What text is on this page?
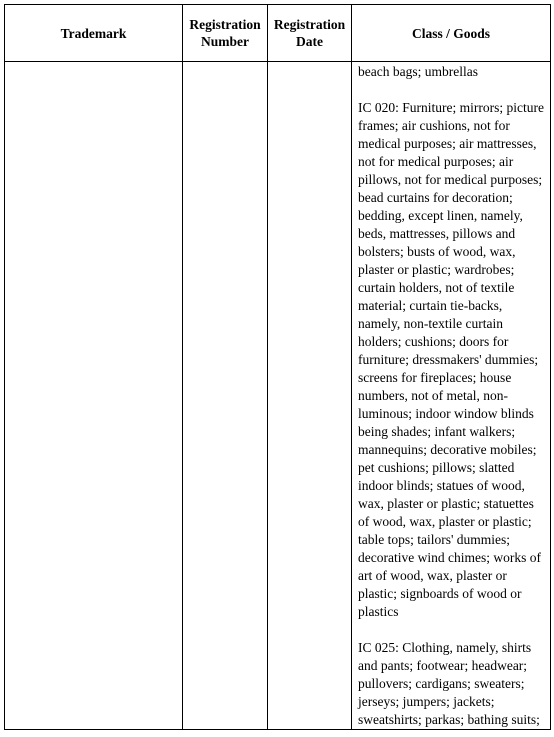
Trademark	Registration Number	Registration Date	Class / Goods

			beach bags; umbrellas

IC 020: Furniture; mirrors; picture frames; air cushions, not for medical purposes; air mattresses, not for medical purposes; air pillows, not for medical purposes; bead curtains for decoration; bedding, except linen, namely, beds, mattresses, pillows and bolsters; busts of wood, wax, plaster or plastic; wardrobes; curtain holders, not of textile material; curtain tie-backs, namely, non-textile curtain holders; cushions; doors for furniture; dressmakers' dummies; screens for fireplaces; house numbers, not of metal, non-luminous; indoor window blinds being shades; infant walkers; mannequins; decorative mobiles; pet cushions; pillows; slatted indoor blinds; statues of wood, wax, plaster or plastic; statuettes of wood, wax, plaster or plastic; table tops; tailors' dummies; decorative wind chimes; works of art of wood, wax, plaster or plastic; signboards of wood or plastics

IC 025: Clothing, namely, shirts and pants; footwear; headwear; pullovers; cardigans; sweaters; jerseys; jumpers; jackets; sweatshirts; parkas; bathing suits;
